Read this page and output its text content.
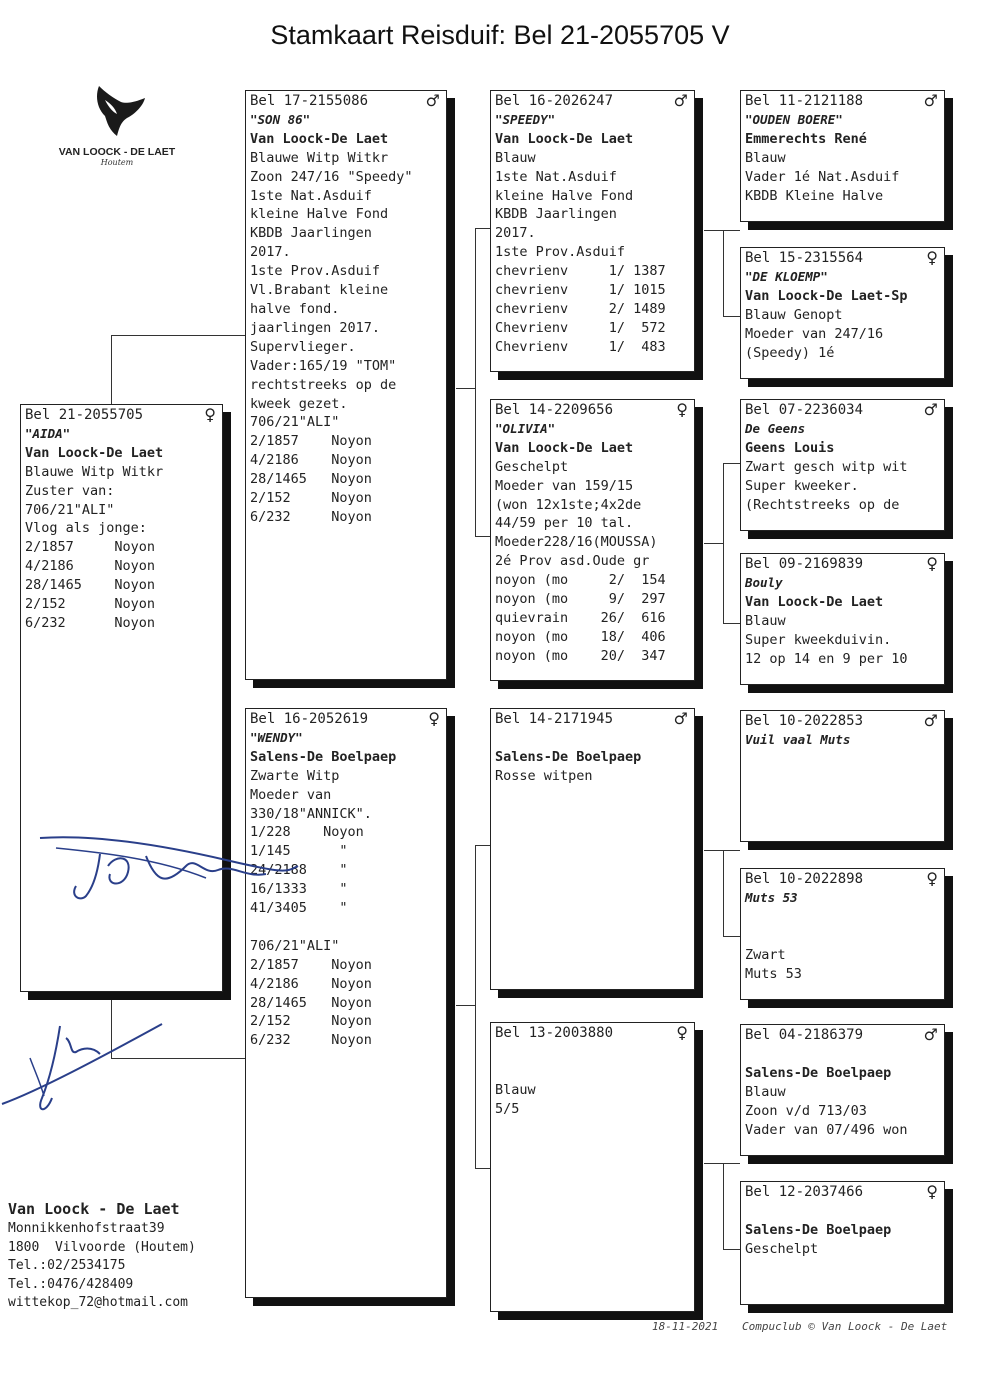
Stamkaart Reisduif: Bel 21-2055705 V
VAN LOOCK - DE LAET
Houtem
Bel 21-2055705	♀
"AIDA"
Van Loock-De Laet
Blauwe Witp Witkr
Zuster van:
706/21"ALI"
Vlog als jonge:
2/1857     Noyon
4/2186     Noyon
28/1465    Noyon
2/152      Noyon
6/232      Noyon
Bel 17-2155086	♂
"SON 86"
Van Loock-De Laet
Blauwe Witp Witkr
Zoon 247/16 "Speedy"
1ste Nat.Asduif
kleine Halve Fond
KBDB Jaarlingen
2017.
1ste Prov.Asduif
Vl.Brabant kleine
halve fond.
jaarlingen 2017.
Supervlieger.
Vader:165/19 "TOM"
rechtstreeks op de
kweek gezet.
706/21"ALI"
2/1857    Noyon
4/2186    Noyon
28/1465   Noyon
2/152     Noyon
6/232     Noyon
Bel 16-2052619	♀
"WENDY"
Salens-De Boelpaep
Zwarte Witp
Moeder van
330/18"ANNICK".
1/228    Noyon
1/145      "
24/2188    "
16/1333    "
41/3405    "
706/21"ALI"
2/1857    Noyon
4/2186    Noyon
28/1465   Noyon
2/152     Noyon
6/232     Noyon
Bel 16-2026247	♂
"SPEEDY"
Van Loock-De Laet
Blauw
1ste Nat.Asduif
kleine Halve Fond
KBDB Jaarlingen
2017.
1ste Prov.Asduif
chevrienv     1/ 1387
chevrienv     1/ 1015
chevrienv     2/ 1489
Chevrienv     1/  572
Chevrienv     1/  483
Bel 14-2209656	♀
"OLIVIA"
Van Loock-De Laet
Geschelpt
Moeder van 159/15
(won 12x1ste;4x2de
44/59 per 10 tal.
Moeder228/16(MOUSSA)
2é Prov asd.Oude gr
noyon (mo     2/  154
noyon (mo     9/  297
quievrain    26/  616
noyon (mo    18/  406
noyon (mo    20/  347
Bel 14-2171945	♂
Salens-De Boelpaep
Rosse witpen
Bel 13-2003880	♀
Blauw
5/5
Bel 11-2121188	♂
"OUDEN BOERE"
Emmerechts René
Blauw
Vader 1é Nat.Asduif
KBDB Kleine Halve
Bel 15-2315564	♀
"DE KLOEMP"
Van Loock-De Laet-Sp
Blauw Genopt
Moeder van 247/16
(Speedy) 1é
Bel 07-2236034	♂
De Geens
Geens Louis
Zwart gesch witp wit
Super kweeker.
(Rechtstreeks op de
Bel 09-2169839	♀
Bouly
Van Loock-De Laet
Blauw
Super kweekduivin.
12 op 14 en 9 per 10
Bel 10-2022853	♂
Vuil vaal Muts
Bel 10-2022898	♀
Muts 53
Zwart
Muts 53
Bel 04-2186379	♂
Salens-De Boelpaep
Blauw
Zoon v/d 713/03
Vader van 07/496 won
Bel 12-2037466	♀
Salens-De Boelpaep
Geschelpt
Van Loock - De Laet
Monnikkenhofstraat39
1800  Vilvoorde (Houtem)
Tel.:02/2534175
Tel.:0476/428409
wittekop_72@hotmail.com
18-11-2021 Compuclub © Van Loock - De Laet
